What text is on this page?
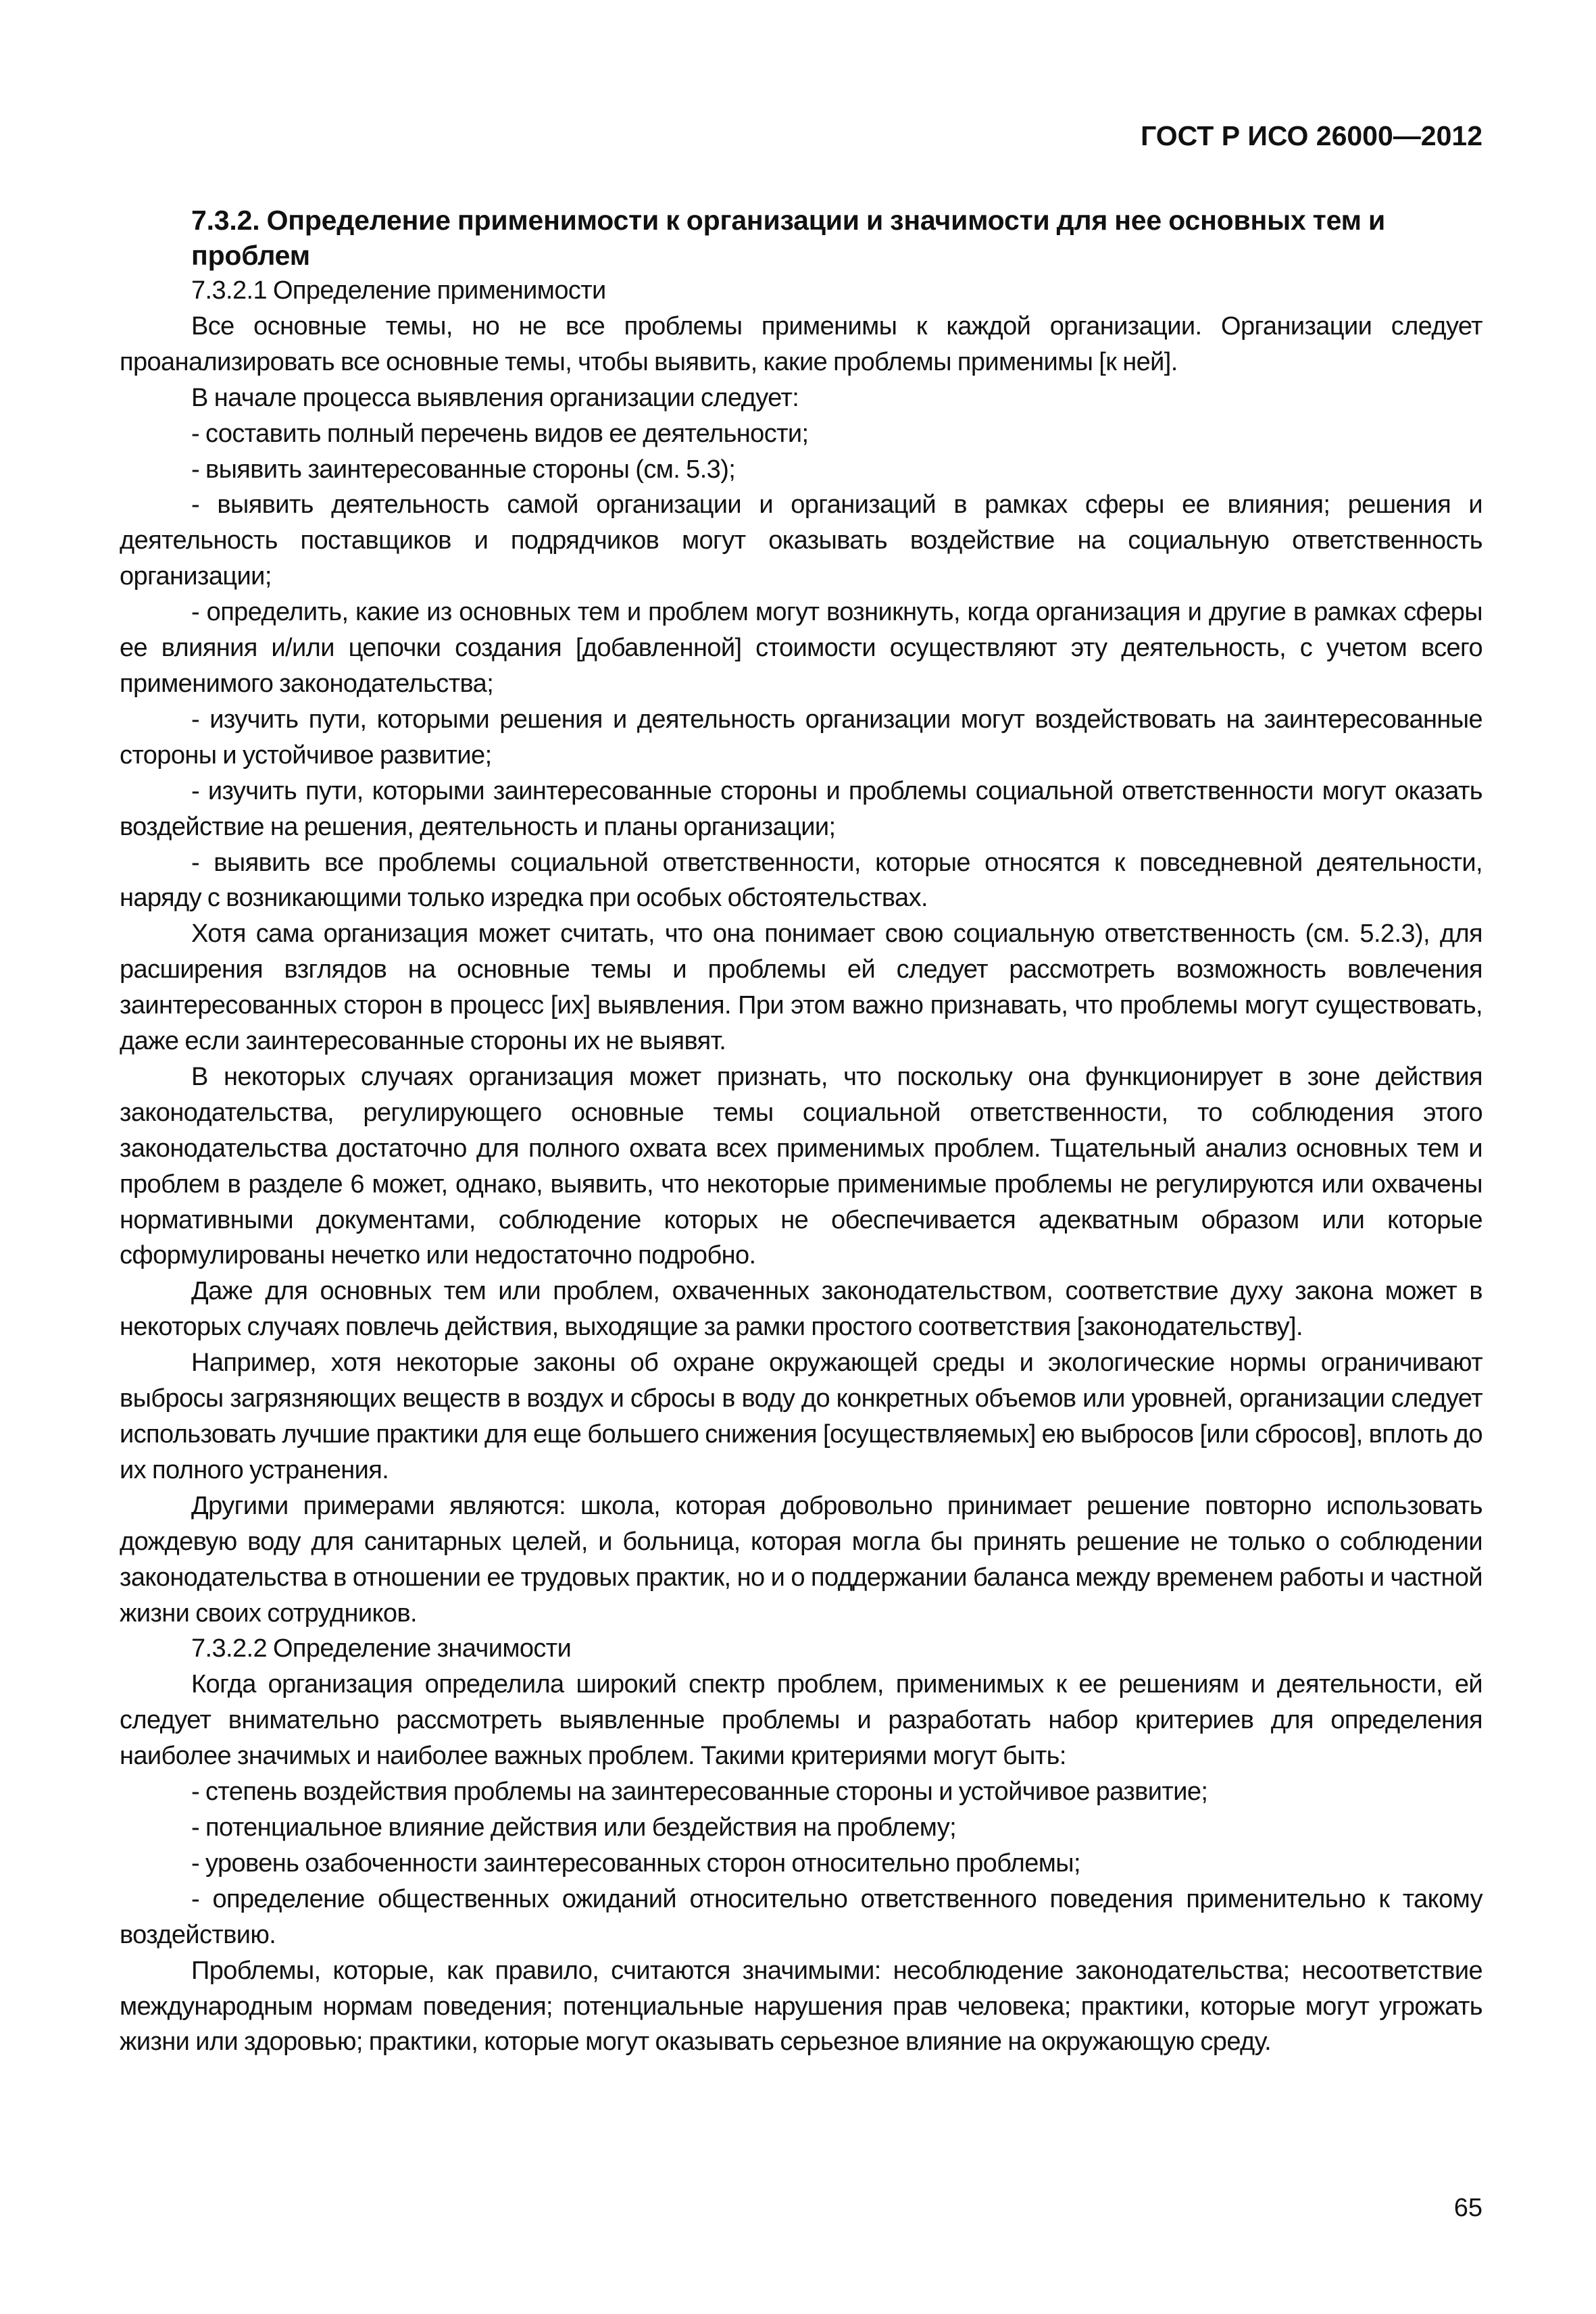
ГОСТ Р ИСО 26000—2012
7.3.2. Определение применимости к организации и значимости для нее основных тем и проблем

7.3.2.1 Определение применимости

Все основные темы, но не все проблемы применимы к каждой организации. Организации следует проанализировать все основные темы, чтобы выявить, какие проблемы применимы [к ней].

В начале процесса выявления организации следует:

- составить полный перечень видов ее деятельности;

- выявить заинтересованные стороны (см. 5.3);

- выявить деятельность самой организации и организаций в рамках сферы ее влияния; решения и деятельность поставщиков и подрядчиков могут оказывать воздействие на социальную ответственность организации;

- определить, какие из основных тем и проблем могут возникнуть, когда организация и другие в рамках сферы ее влияния и/или цепочки создания [добавленной] стоимости осуществляют эту деятельность, с учетом всего применимого законодательства;

- изучить пути, которыми решения и деятельность организации могут воздействовать на заинтересованные стороны и устойчивое развитие;

- изучить пути, которыми заинтересованные стороны и проблемы социальной ответственности могут оказать воздействие на решения, деятельность и планы организации;

- выявить все проблемы социальной ответственности, которые относятся к повседневной деятельности, наряду с возникающими только изредка при особых обстоятельствах.

Хотя сама организация может считать, что она понимает свою социальную ответственность (см. 5.2.3), для расширения взглядов на основные темы и проблемы ей следует рассмотреть возможность вовлечения заинтересованных сторон в процесс [их] выявления. При этом важно признавать, что проблемы могут существовать, даже если заинтересованные стороны их не выявят.

В некоторых случаях организация может признать, что поскольку она функционирует в зоне действия законодательства, регулирующего основные темы социальной ответственности, то соблюдения этого законодательства достаточно для полного охвата всех применимых проблем. Тщательный анализ основных тем и проблем в разделе 6 может, однако, выявить, что некоторые применимые проблемы не регулируются или охвачены нормативными документами, соблюдение которых не обеспечивается адекватным образом или которые сформулированы нечетко или недостаточно подробно.

Даже для основных тем или проблем, охваченных законодательством, соответствие духу закона может в некоторых случаях повлечь действия, выходящие за рамки простого соответствия [законодательству].

Например, хотя некоторые законы об охране окружающей среды и экологические нормы ограничивают выбросы загрязняющих веществ в воздух и сбросы в воду до конкретных объемов или уровней, организации следует использовать лучшие практики для еще большего снижения [осуществляемых] ею выбросов [или сбросов], вплоть до их полного устранения.

Другими примерами являются: школа, которая добровольно принимает решение повторно использовать дождевую воду для санитарных целей, и больница, которая могла бы принять решение не только о соблюдении законодательства в отношении ее трудовых практик, но и о поддержании баланса между временем работы и частной жизни своих сотрудников.

7.3.2.2 Определение значимости

Когда организация определила широкий спектр проблем, применимых к ее решениям и деятельности, ей следует внимательно рассмотреть выявленные проблемы и разработать набор критериев для определения наиболее значимых и наиболее важных проблем. Такими критериями могут быть:

- степень воздействия проблемы на заинтересованные стороны и устойчивое развитие;

- потенциальное влияние действия или бездействия на проблему;

- уровень озабоченности заинтересованных сторон относительно проблемы;

- определение общественных ожиданий относительно ответственного поведения применительно к такому воздействию.

Проблемы, которые, как правило, считаются значимыми: несоблюдение законодательства; несоответствие международным нормам поведения; потенциальные нарушения прав человека; практики, которые могут угрожать жизни или здоровью; практики, которые могут оказывать серьезное влияние на окружающую среду.

65
